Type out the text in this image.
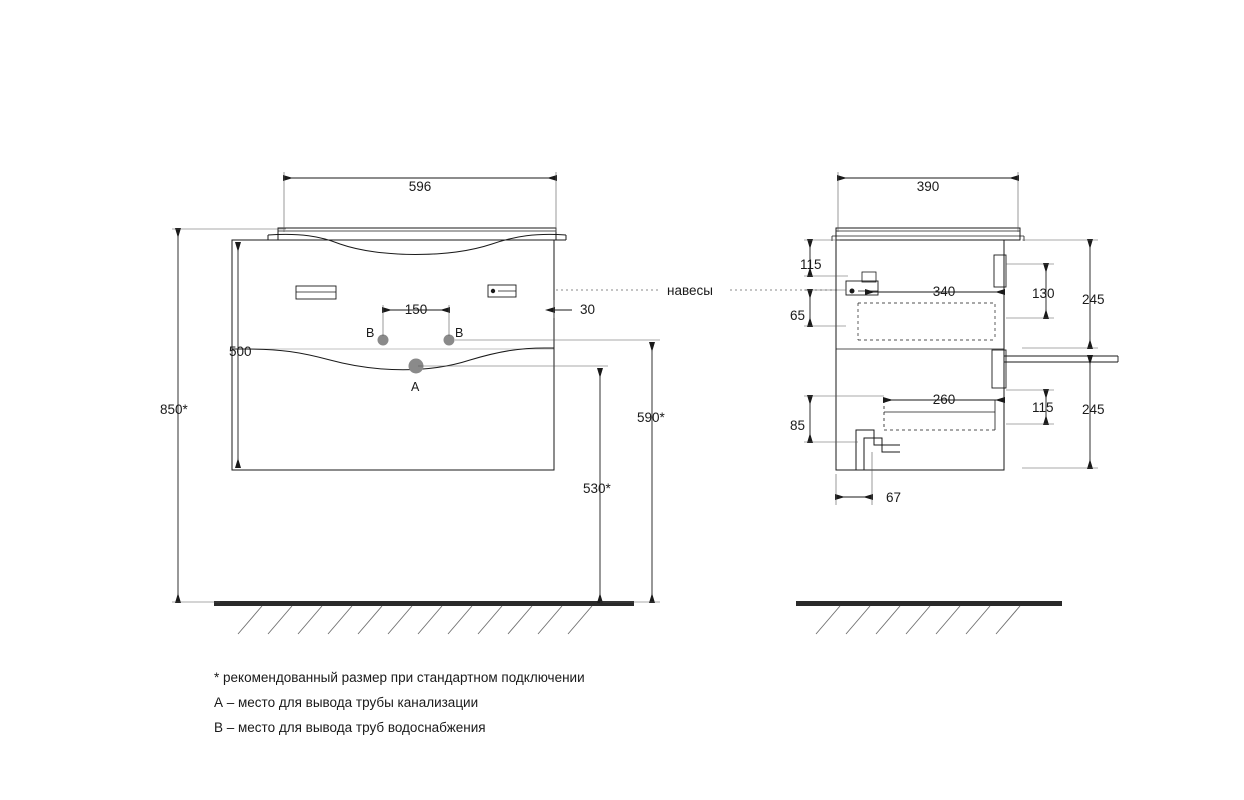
596
500
850*
150	30
530*
590*
B	B
A
навесы
390
115
65
340	130 245
260
115 245
85
67
* рекомендованный размер при стандартном подключении
А – место для вывода трубы канализации
В – место для вывода труб водоснабжения
